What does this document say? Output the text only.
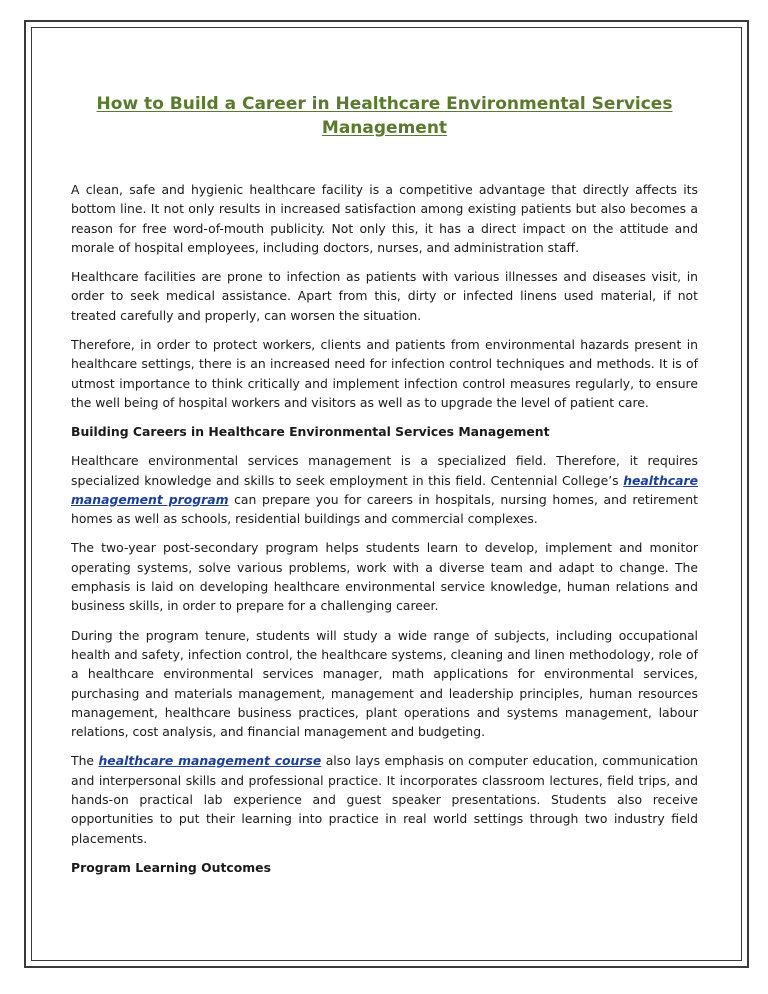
How to Build a Career in Healthcare Environmental Services Management

A clean, safe and hygienic healthcare facility is a competitive advantage that directly affects its bottom line. It not only results in increased satisfaction among existing patients but also becomes a reason for free word-of-mouth publicity. Not only this, it has a direct impact on the attitude and morale of hospital employees, including doctors, nurses, and administration staff.

Healthcare facilities are prone to infection as patients with various illnesses and diseases visit, in order to seek medical assistance. Apart from this, dirty or infected linens used material, if not treated carefully and properly, can worsen the situation.

Therefore, in order to protect workers, clients and patients from environmental hazards present in healthcare settings, there is an increased need for infection control techniques and methods. It is of utmost importance to think critically and implement infection control measures regularly, to ensure the well being of hospital workers and visitors as well as to upgrade the level of patient care.

Building Careers in Healthcare Environmental Services Management

Healthcare environmental services management is a specialized field. Therefore, it requires specialized knowledge and skills to seek employment in this field. Centennial College’s healthcare management program can prepare you for careers in hospitals, nursing homes, and retirement homes as well as schools, residential buildings and commercial complexes.

The two-year post-secondary program helps students learn to develop, implement and monitor operating systems, solve various problems, work with a diverse team and adapt to change. The emphasis is laid on developing healthcare environmental service knowledge, human relations and business skills, in order to prepare for a challenging career.

During the program tenure, students will study a wide range of subjects, including occupational health and safety, infection control, the healthcare systems, cleaning and linen methodology, role of a healthcare environmental services manager, math applications for environmental services, purchasing and materials management, management and leadership principles, human resources management, healthcare business practices, plant operations and systems management, labour relations, cost analysis, and financial management and budgeting.

The healthcare management course also lays emphasis on computer education, communication and interpersonal skills and professional practice. It incorporates classroom lectures, field trips, and hands-on practical lab experience and guest speaker presentations. Students also receive opportunities to put their learning into practice in real world settings through two industry field placements.

Program Learning Outcomes
